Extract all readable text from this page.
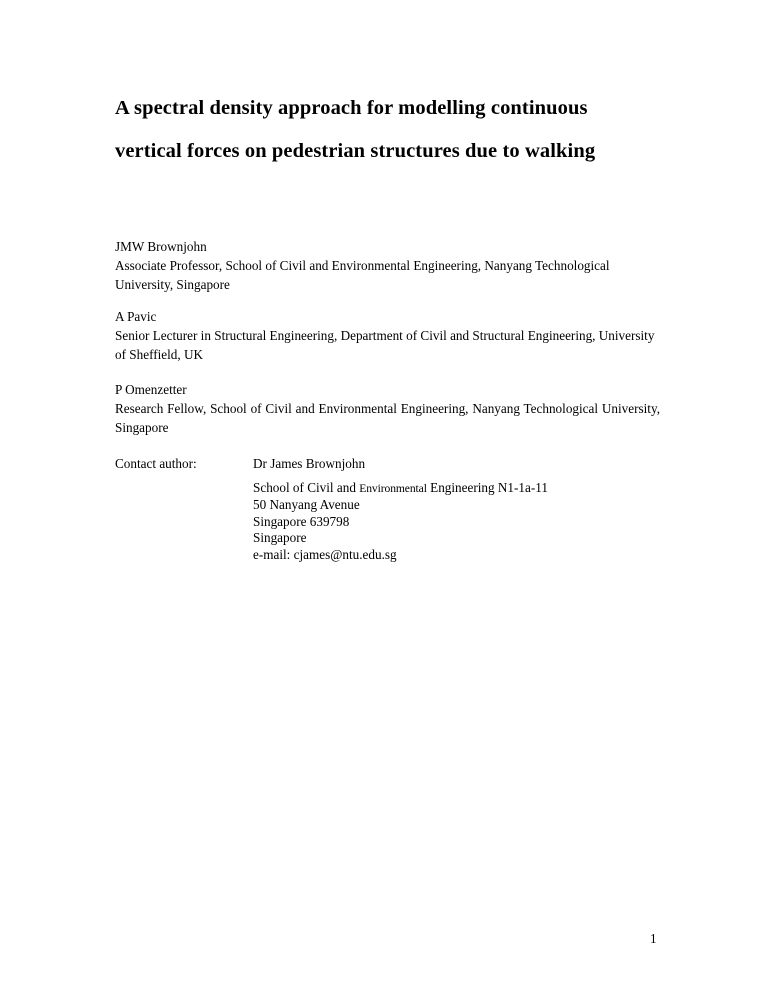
A spectral density approach for modelling continuous
vertical forces on pedestrian structures due to walking

JMW Brownjohn

Associate Professor, School of Civil and Environmental Engineering, Nanyang Technological University, Singapore

A Pavic

Senior Lecturer in Structural Engineering, Department of Civil and Structural Engineering, University of Sheffield, UK

P Omenzetter

Research Fellow, School of Civil and Environmental Engineering, Nanyang Technological University, Singapore

Contact author:	Dr James Brownjohn

School of Civil and Environmental Engineering N1-1a-11

50 Nanyang Avenue

Singapore 639798

Singapore

e-mail: cjames@ntu.edu.sg

1
